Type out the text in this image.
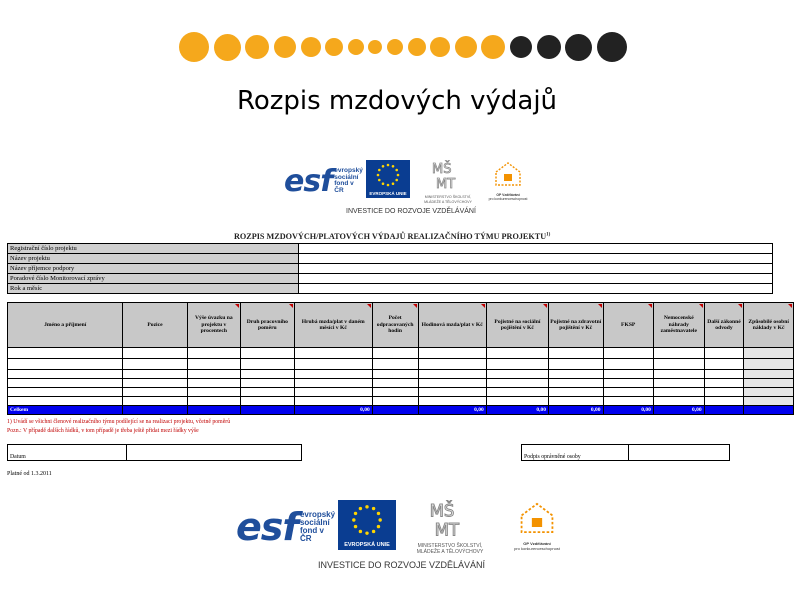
Rozpis mzdových výdajů
esf evropský
sociální
fond v ČR	EVROPSKÁ UNIE
MŠ
MT
MINISTERSTVO ŠKOLSTVÍ,
MLÁDEŽE A TĚLOVÝCHOVY
OP Vzdělávání
pro konkurenceschopnost
INVESTICE DO ROZVOJE VZDĚLÁVÁNÍ
ROZPIS MZDOVÝCH/PLATOVÝCH VÝDAJŮ REALIZAČNÍHO TÝMU PROJEKTU$^{1)}$
Registrační číslo projektu	
Název projektu	
Název příjemce podpory	
Poradové číslo Monitorovací zprávy	
Rok a měsíc	
Jméno a příjmení	Pozice	Výše úvazku na projektu v procentech	Druh pracovního poměru	Hrubá mzda/plat v daném měsíci v Kč	Počet odpracovaných hodin	Hodinová mzda/plat v Kč	Pojistné na sociální pojištění v Kč	Pojistné na zdravotní pojištění v Kč	FKSP	Nemocenské náhrady zaměstnavatele	Další zákonné odvody	Způsobilé osobní náklady v Kč

Celkem				0,00		0,00	0,00	0,00	0,00	0,00		

1) Uvádí se všichni členové realizačního týmu podílející se na realizaci projektu, včetně poměrů
Pozn.: V případě dalších řádků, v tom případě je třeba ještě přidat mezi řádky výše
Datum		Podpis oprávněné osoby	
Platné od 1.3.2011
esf evropský
sociální
fond v ČR
EVROPSKÁ UNIE
MŠ
MT
MINISTERSTVO ŠKOLSTVÍ,
MLÁDEŽE A TĚLOVÝCHOVY
OP Vzdělávání
pro konkurenceschopnost
INVESTICE DO ROZVOJE VZDĚLÁVÁNÍ
